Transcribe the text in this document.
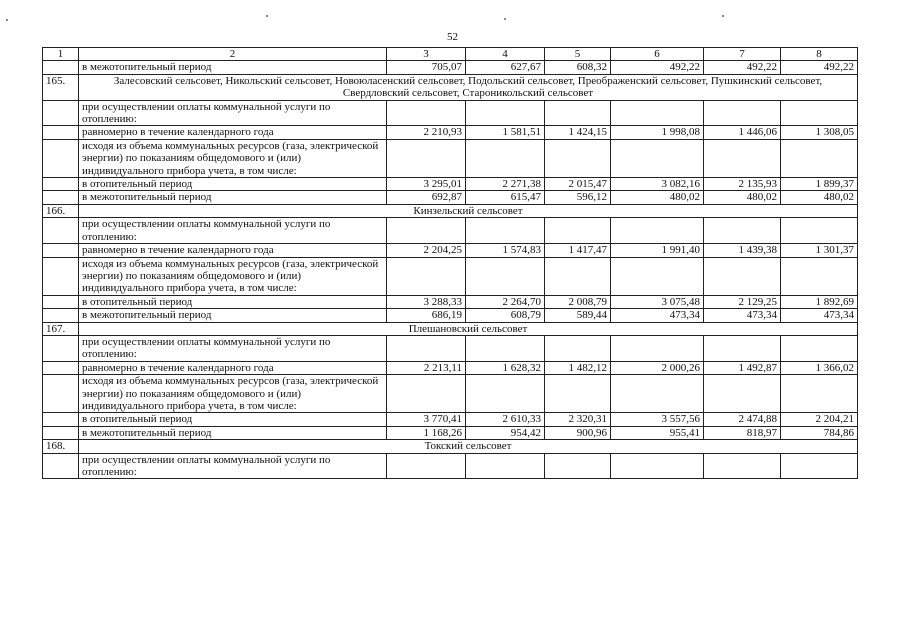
52
1	2	3	4	5	6	7	8
	в межотопительный период	705,07	627,67	608,32	492,22	492,22	492,22
165.	Залесовский сельсовет, Никольский сельсовет, Новоюласенский сельсовет, Подольский сельсовет, Преображенский сельсовет, Пушкинский сельсовет, Свердловский сельсовет, Староникольский сельсовет						
	при осуществлении оплаты коммунальной услуги по отоплению:						
	равномерно в течение календарного года	2 210,93	1 581,51	1 424,15	1 998,08	1 446,06	1 308,05
	исходя из объема коммунальных ресурсов (газа, электрической энергии) по показаниям общедомового и (или) индивидуального прибора учета, в том числе:						
	в отопительный период	3 295,01	2 271,38	2 015,47	3 082,16	2 135,93	1 899,37
	в межотопительный период	692,87	615,47	596,12	480,02	480,02	480,02
166.	Кинзельский сельсовет						
	при осуществлении оплаты коммунальной услуги по отоплению:						
	равномерно в течение календарного года	2 204,25	1 574,83	1 417,47	1 991,40	1 439,38	1 301,37
	исходя из объема коммунальных ресурсов (газа, электрической энергии) по показаниям общедомового и (или) индивидуального прибора учета, в том числе:						
	в отопительный период	3 288,33	2 264,70	2 008,79	3 075,48	2 129,25	1 892,69
	в межотопительный период	686,19	608,79	589,44	473,34	473,34	473,34
167.	Плешановский сельсовет						
	при осуществлении оплаты коммунальной услуги по отоплению:						
	равномерно в течение календарного года	2 213,11	1 628,32	1 482,12	2 000,26	1 492,87	1 366,02
	исходя из объема коммунальных ресурсов (газа, электрической энергии) по показаниям общедомового и (или) индивидуального прибора учета, в том числе:						
	в отопительный период	3 770,41	2 610,33	2 320,31	3 557,56	2 474,88	2 204,21
	в межотопительный период	1 168,26	954,42	900,96	955,41	818,97	784,86
168.	Токский сельсовет						
	при осуществлении оплаты коммунальной услуги по отоплению:						
